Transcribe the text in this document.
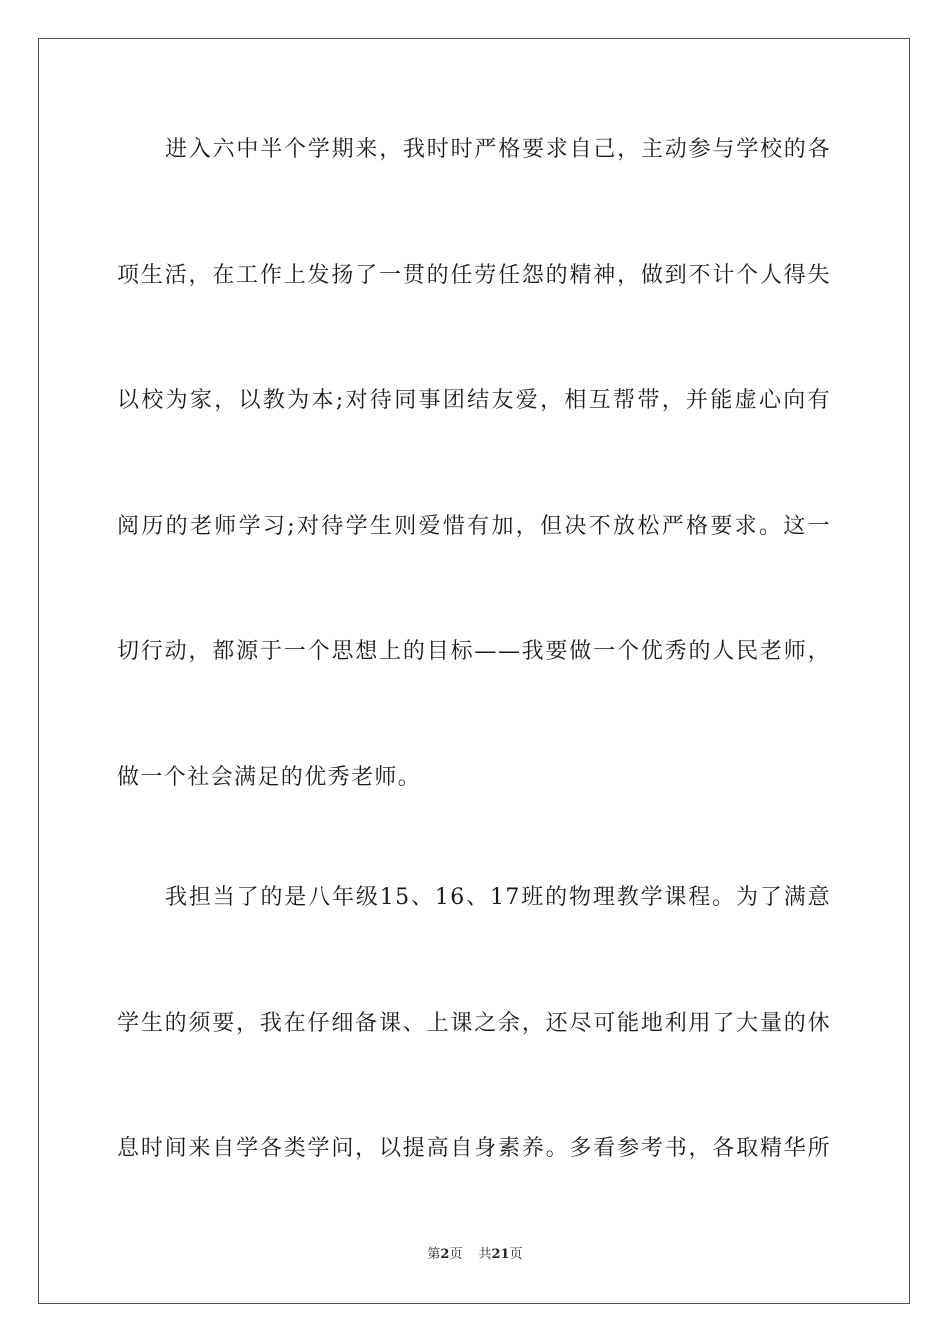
进入六中半个学期来，我时时严格要求自己，主动参与学校的各
项生活，在工作上发扬了一贯的任劳任怨的精神，做到不计个人得失
以校为家，以教为本;对待同事团结友爱，相互帮带，并能虚心向有
阅历的老师学习;对待学生则爱惜有加，但决不放松严格要求。这一
切行动，都源于一个思想上的目标——我要做一个优秀的人民老师，
做一个社会满足的优秀老师。
我担当了的是八年级15、16、17班的物理教学课程。为了满意
学生的须要，我在仔细备课、上课之余，还尽可能地利用了大量的休
息时间来自学各类学问，以提高自身素养。多看参考书，各取精华所
第2页 共21页
